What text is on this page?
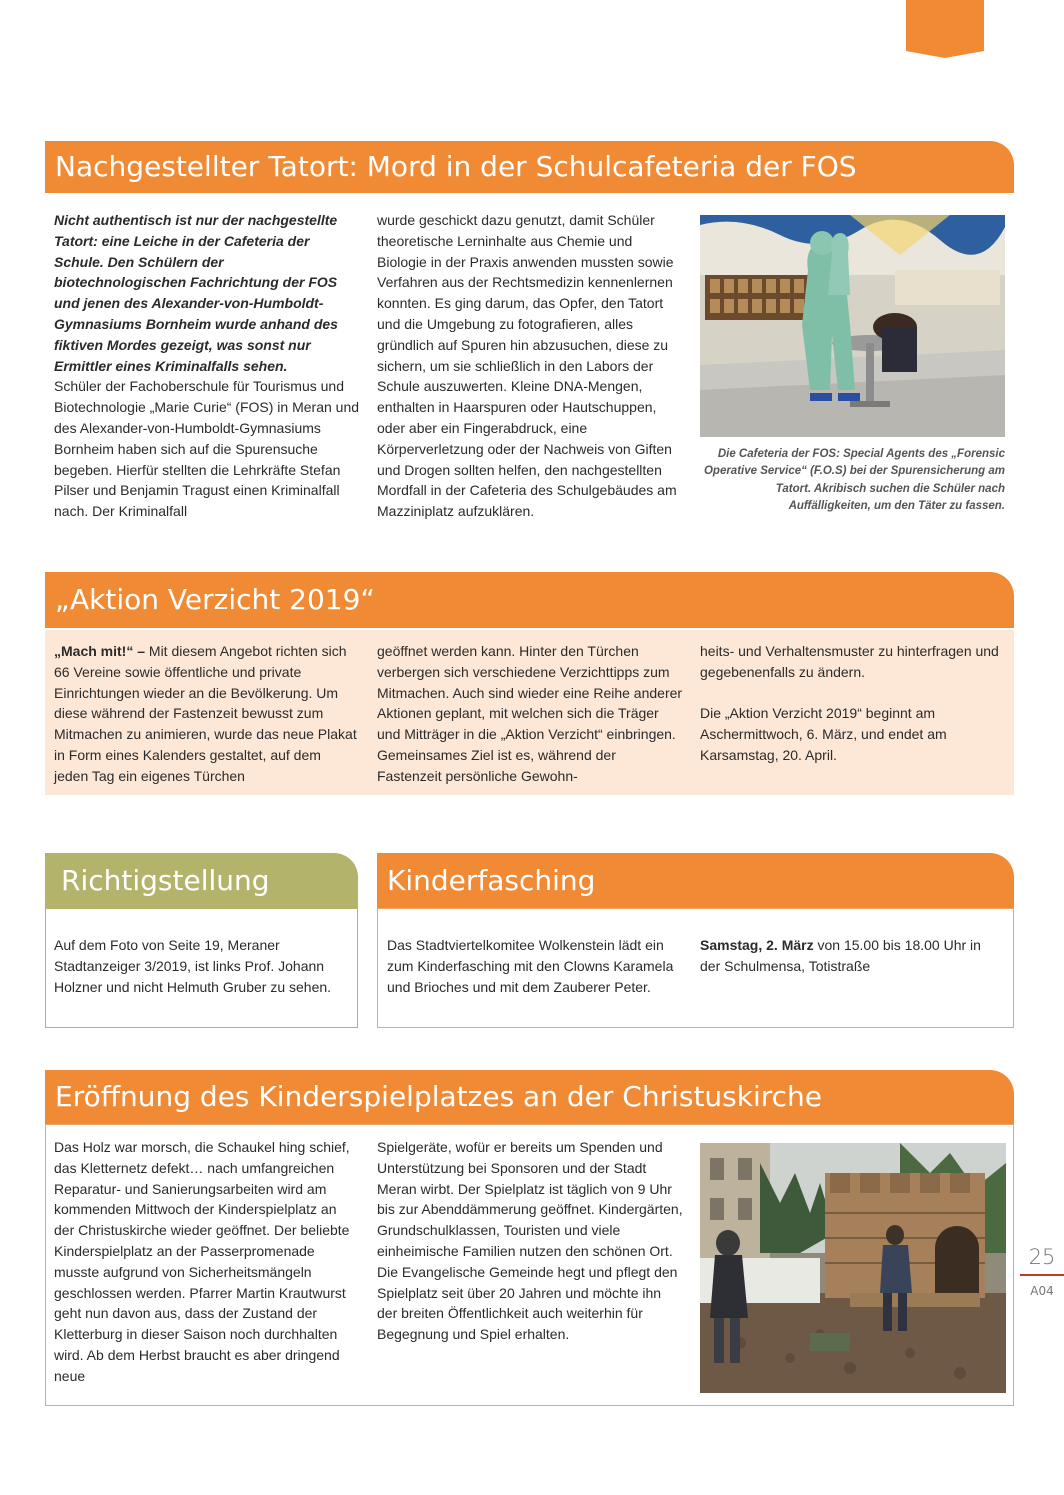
Nachgestellter Tatort: Mord in der Schulcafeteria der FOS

Nicht authentisch ist nur der nachgestellte Tatort: eine Leiche in der Cafeteria der Schule. Den Schülern der biotechnologischen Fachrichtung der FOS und jenen des Alexander-von-Humboldt-Gymnasiums Bornheim wurde anhand des fiktiven Mordes gezeigt, was sonst nur Ermittler eines Kriminalfalls sehen.

Schüler der Fachoberschule für Tourismus und Biotechnologie „Marie Curie“ (FOS) in Meran und des Alexander-von-Humboldt-Gymnasiums Bornheim haben sich auf die Spurensuche begeben. Hierfür stellten die Lehrkräfte Stefan Pilser und Benjamin Tragust einen Kriminalfall nach. Der Kriminalfall

wurde geschickt dazu genutzt, damit Schüler theoretische Lerninhalte aus Chemie und Biologie in der Praxis anwenden mussten sowie Verfahren aus der Rechtsmedizin kennenlernen konnten. Es ging darum, das Opfer, den Tatort und die Umgebung zu fotografieren, alles gründlich auf Spuren hin abzusuchen, diese zu sichern, um sie schließlich in den Labors der Schule auszuwerten. Kleine DNA-Mengen, enthalten in Haarspuren oder Hautschuppen, oder aber ein Fingerabdruck, eine Körperverletzung oder der Nachweis von Giften und Drogen sollten helfen, den nachgestellten Mordfall in der Cafeteria des Schulgebäudes am Mazziniplatz aufzuklären.

Die Cafeteria der FOS: Special Agents des „Forensic Operative Service“ (F.O.S) bei der Spurensicherung am Tatort. Akribisch suchen die Schüler nach Auffälligkeiten, um den Täter zu fassen.
„Aktion Verzicht 2019“

„Mach mit!“ – Mit diesem Angebot richten sich 66 Vereine sowie öffentliche und private Einrichtungen wieder an die Bevölkerung. Um diese während der Fastenzeit bewusst zum Mitmachen zu animieren, wurde das neue Plakat in Form eines Kalenders gestaltet, auf dem jeden Tag ein eigenes Türchen

geöffnet werden kann. Hinter den Türchen verbergen sich verschiedene Verzichttipps zum Mitmachen. Auch sind wieder eine Reihe anderer Aktionen geplant, mit welchen sich die Träger und Mitträger in die „Aktion Verzicht“ einbringen. Gemeinsames Ziel ist es, während der Fastenzeit persönliche Gewohn-

heits- und Verhaltensmuster zu hinterfragen und gegebenenfalls zu ändern.

Die „Aktion Verzicht 2019“ beginnt am Aschermittwoch, 6. März, und endet am Karsamstag, 20. April.

Richtigstellung

Auf dem Foto von Seite 19, Meraner Stadtanzeiger 3/2019, ist links Prof. Johann Holzner und nicht Helmuth Gruber zu sehen.

Kinderfasching

Das Stadtviertelkomitee Wolkenstein lädt ein zum Kinderfasching mit den Clowns Karamela und Brioches und mit dem Zauberer Peter.

Samstag, 2. März von 15.00 bis 18.00 Uhr in der Schulmensa, Totistraße

Eröffnung des Kinderspielplatzes an der Christuskirche

Das Holz war morsch, die Schaukel hing schief, das Kletternetz defekt… nach umfangreichen Reparatur- und Sanierungsarbeiten wird am kommenden Mittwoch der Kinderspielplatz an der Christuskirche wieder geöffnet. Der beliebte Kinderspielplatz an der Passerpromenade musste aufgrund von Sicherheitsmängeln geschlossen werden. Pfarrer Martin Krautwurst geht nun davon aus, dass der Zustand der Kletterburg in dieser Saison noch durchhalten wird. Ab dem Herbst braucht es aber dringend neue

Spielgeräte, wofür er bereits um Spenden und Unterstützung bei Sponsoren und der Stadt Meran wirbt. Der Spielplatz ist täglich von 9 Uhr bis zur Abenddämmerung geöffnet. Kindergärten, Grundschulklassen, Touristen und viele einheimische Familien nutzen den schönen Ort. Die Evangelische Gemeinde hegt und pflegt den Spielplatz seit über 20 Jahren und möchte ihn der breiten Öffentlichkeit auch weiterhin für Begegnung und Spiel erhalten.

25
A04
